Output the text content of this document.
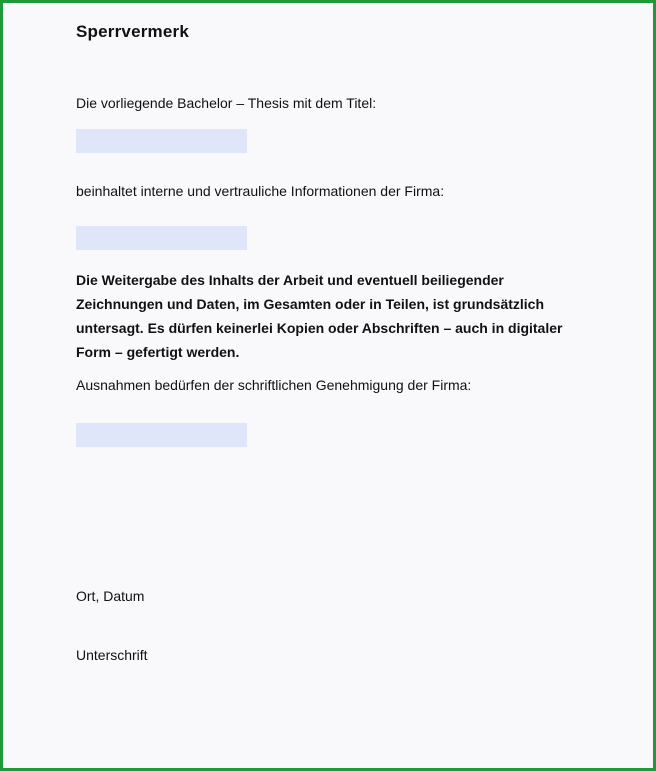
Sperrvermerk
Die vorliegende Bachelor – Thesis mit dem Titel:
beinhaltet interne und vertrauliche Informationen der Firma:
Die Weitergabe des Inhalts der Arbeit und eventuell beiliegender
Zeichnungen und Daten, im Gesamten oder in Teilen, ist grundsätzlich
untersagt. Es dürfen keinerlei Kopien oder Abschriften – auch in digitaler
Form – gefertigt werden.
Ausnahmen bedürfen der schriftlichen Genehmigung der Firma:
Ort, Datum
Unterschrift
